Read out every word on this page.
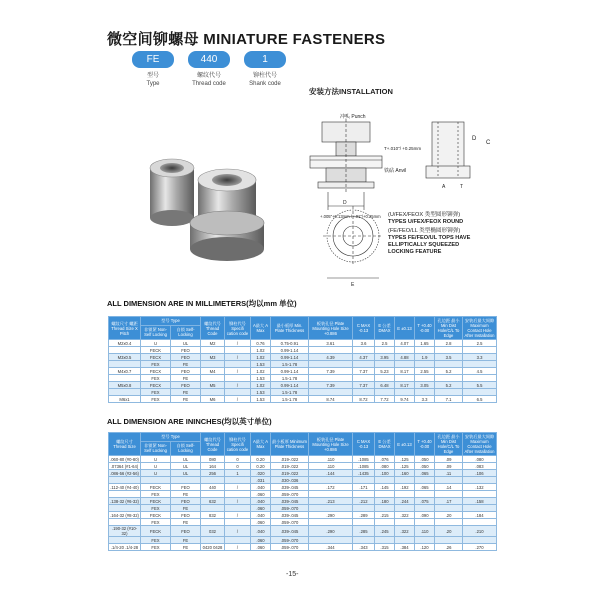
微空间铆螺母 MINIATURE FASTENERS
FE
型号
Type
440
螺纹代号
Thread code
1
铆柱代号
Shank code
安装方法INSTALLATION
冲头 Punch
T+.010"/ +0.25mm
铁砧 Anvil
D
+.005"+0.13mm / -.01"/+0.25mm
D
C
A	T
E
(U/FEX/FEOX 类型圆形铆弹)
TYPES U/FEX/FEOX ROUND
(FE/FEO/LL 类型椭圆形铆弹)
TYPES FE/FEO/UL TOPS HAVE
ELLIPTICALLY SQUEEZED
LOCKING FEATURE
ALL DIMENSION ARE IN MILLIMETERS(均以mm 单位)
螺纹尺寸 螺距 Thread Size X Pitch	型号 Type		螺纹代号 Thread Code	铆柱代号 Specifi cation code	A最大 A Max	最小板厚 Min. Plate Thickness	板装孔径 Plate Mounting Hole Size +0.886	C MAX -0.13	E 公差 DMAX	E ±0.13	T +0.40 -0.00	孔边距 最小 Min Dist Hole/C/L To Edge	安装后最大间隙 Maximum Contact Hole After Installation
	非锁紧 Non-Self Locking	自锁 Self-Locking											
M2x0.4	U	UL	M2	/	0.76	0.75-0.91	3.61	3.6	2.5	4.07	1.65	2.8	2.5
	FECK	FEO			1.02	0.99-1.14							
M3x0.5	FECX	FEO	M3	/	1.02	0.99-1.14	4.39	4.37	3.95	4.88	1.9	3.5	3.3
	FEX	FE			1.53	1.5-1.78							
M4x0.7	FECX	FEO	M4	/	1.02	0.99-1.14	7.39	7.37	5.23	8.17	2.55	5.2	4.5
	FEX	FE			1.53	1.5-1.78							
M5x0.8	FECX	FEO	M5	/	1.02	0.99-1.14	7.39	7.37	6.48	8.17	3.05	5.2	5.5
	FEX	FE			1.53	1.5-1.78							
M6x1	FEX	FE	M6	/	1.53	1.5-1.78	8.74	8.72	7.72	9.74	3.3	7.1	6.5
ALL DIMENSION ARE ININCHES(均以英寸单位)
螺纹尺寸 Thread Size	型号 Type		螺纹代号 Thread Code	铆柱代号 Specifi cation code	A最大 A Max	最小板厚 Minimum Plate Thickness	板装孔径 Plate Mounting Hole Size +0.886	C MAX -0.13	E 公差 DMAX	E ±0.13	T +0.40 -0.00	孔边距 最小 Min Dist Hole/C/L To Edge	安装后最大间隙 Maximum Contact Hole After Installation
	非锁紧 Non-Self Locking	自锁 Self-Locking											
.060-80 (#0-80)	U	UL	080	0	0.20	.019-.022	.110	.1085	.076	.125	.050	.09	.080
.07364 (#1-64)	U	UL	164	0	0.20	.019-.022	.110	.1085	.080	.125	.050	.09	.083
.086-56 (#2-56)	U	UL	256	1	.020	.019-.022	.144	.1435	.100	.160	.065	.11	.106
					.031	.030-.036							
.112-40 (#4-40)	FECK	FEO	440	/	.040	.039-.045	.172	.171	.145	.192	.065	.14	.132
	FEX	FE			.060	.059-.070							
.138-32 (#6-32)	FECK	FEO	632	/	.040	.039-.045	.213	.212	.180	.244	.075	.17	.158
	FEX	FE			.060	.059-.070							
.164-32 (#8-32)	FECK	FEO	832	/	.040	.039-.045	.290	.289	.215	.322	.090	.20	.184
	FEX	FE			.060	.059-.070							
.190-32 (#10-32)	FECK	FEO	032	/	.040	.039-.045	.290	.285	.245	.322	.110	.20	.210
	FEX	FE			.060	.059-.070							
.1/4-20 .1/4-28	FEX	FE	0420 0428	/	.060	.059-.070	.344	.343	.315	.384	.120	.26	.270
-15-
